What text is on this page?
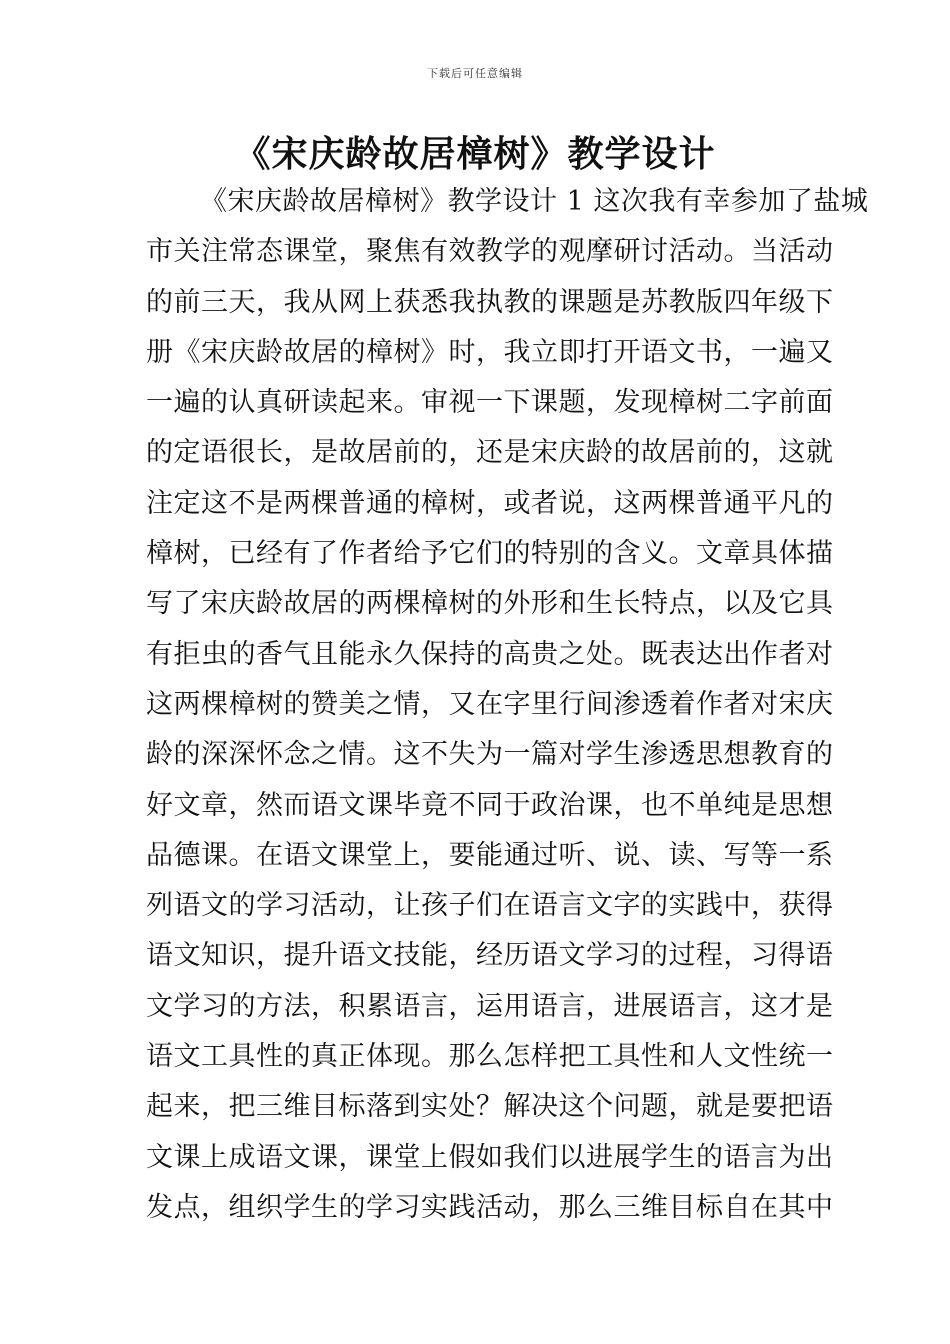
下载后可任意编辑
《宋庆龄故居樟树》教学设计
《宋庆龄故居樟树》教学设计 1 这次我有幸参加了盐城
市关注常态课堂，聚焦有效教学的观摩研讨活动。当活动
的前三天，我从网上获悉我执教的课题是苏教版四年级下
册《宋庆龄故居的樟树》时，我立即打开语文书，一遍又
一遍的认真研读起来。审视一下课题，发现樟树二字前面
的定语很长，是故居前的，还是宋庆龄的故居前的，这就
注定这不是两棵普通的樟树，或者说，这两棵普通平凡的
樟树，已经有了作者给予它们的特别的含义。文章具体描
写了宋庆龄故居的两棵樟树的外形和生长特点，以及它具
有拒虫的香气且能永久保持的高贵之处。既表达出作者对
这两棵樟树的赞美之情，又在字里行间渗透着作者对宋庆
龄的深深怀念之情。这不失为一篇对学生渗透思想教育的
好文章，然而语文课毕竟不同于政治课，也不单纯是思想
品德课。在语文课堂上，要能通过听、说、读、写等一系
列语文的学习活动，让孩子们在语言文字的实践中，获得
语文知识，提升语文技能，经历语文学习的过程，习得语
文学习的方法，积累语言，运用语言，进展语言，这才是
语文工具性的真正体现。那么怎样把工具性和人文性统一
起来，把三维目标落到实处？解决这个问题，就是要把语
文课上成语文课，课堂上假如我们以进展学生的语言为出
发点，组织学生的学习实践活动，那么三维目标自在其中
